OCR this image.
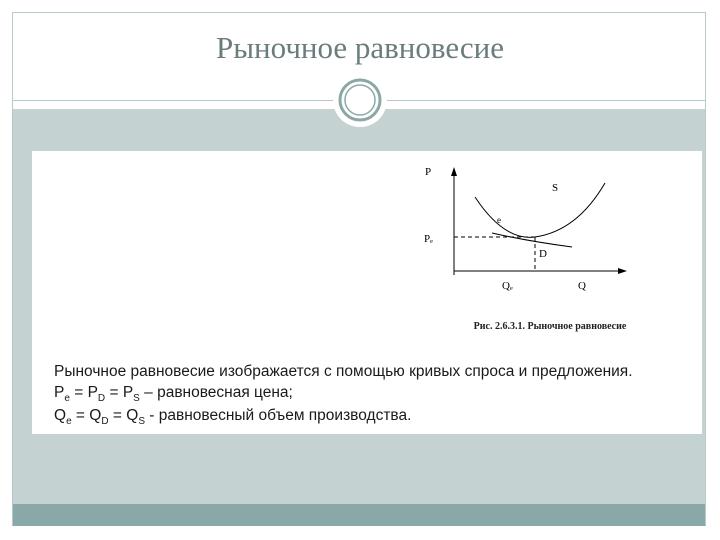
Рыночное равновесие
P
Q
S
D
Pₑ
Qₑ
e
Рис. 2.6.3.1. Рыночное равновесие
Рыночное равновесие изображается с помощью кривых спроса и предложения.
$P_e = P_D = P_S$ – равновесная цена;
$Q_e = Q_D = Q_S$ - равновесный объем производства.
